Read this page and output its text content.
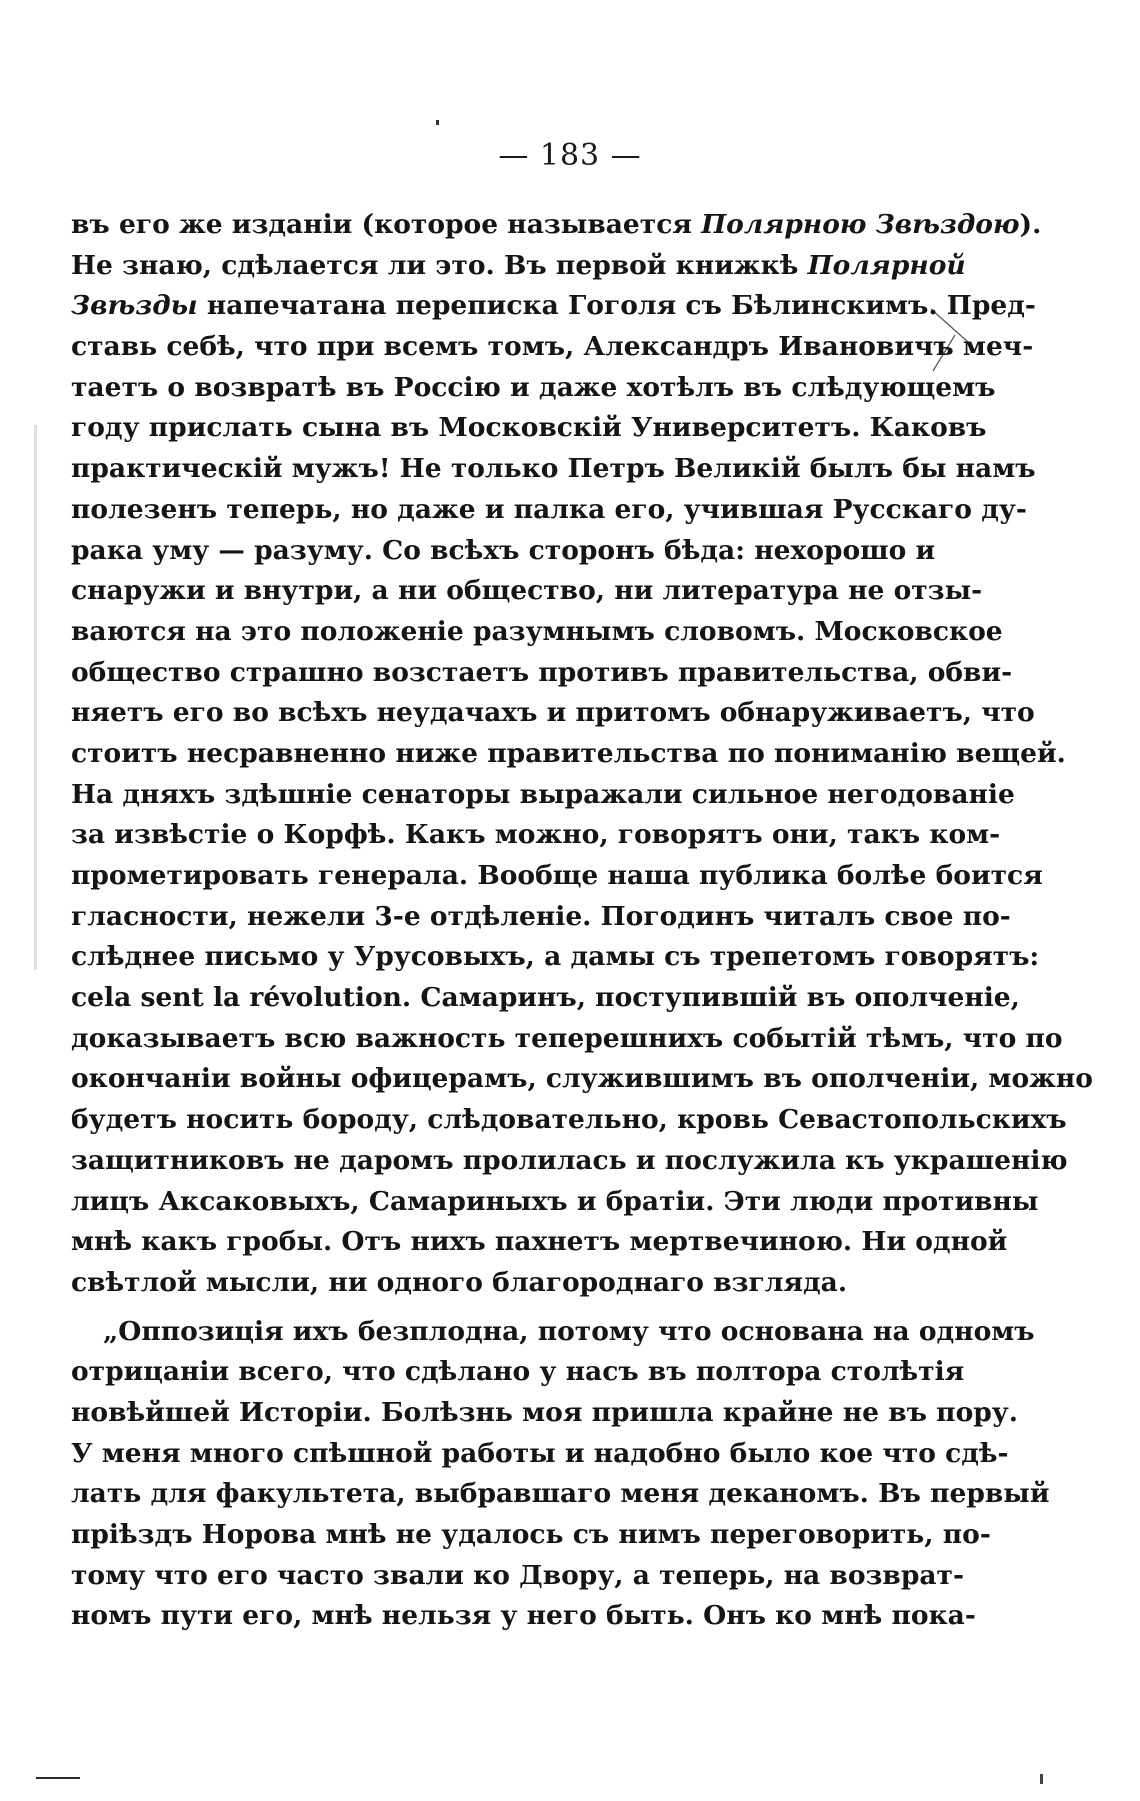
— 183 —
въ его же изданіи (которое называется Полярною Звѣздою).
Не знаю, сдѣлается ли это. Въ первой книжкѣ Полярной
Звѣзды напечатана переписка Гоголя съ Бѣлинскимъ. Пред-
ставь себѣ, что при всемъ томъ, Александръ Ивановичъ меч-
таетъ о возвратѣ въ Россію и даже хотѣлъ въ слѣдующемъ
году прислать сына въ Московскій Университетъ. Каковъ
практическій мужъ! Не только Петръ Великій былъ бы намъ
полезенъ теперь, но даже и палка его, учившая Русскаго ду-
рака уму — разуму. Со всѣхъ сторонъ бѣда: нехорошо и
снаружи и внутри, а ни общество, ни литература не отзы-
ваются на это положеніе разумнымъ словомъ. Московское
общество страшно возстаетъ противъ правительства, обви-
няетъ его во всѣхъ неудачахъ и притомъ обнаруживаетъ, что
стоитъ несравненно ниже правительства по пониманію вещей.
На дняхъ здѣшніе сенаторы выражали сильное негодованіе
за извѣстіе о Корфѣ. Какъ можно, говорятъ они, такъ ком-
прометировать генерала. Вообще наша публика болѣе боится
гласности, нежели 3-е отдѣленіе. Погодинъ читалъ свое по-
слѣднее письмо у Урусовыхъ, а дамы съ трепетомъ говорятъ:
cela sent la révolution. Самаринъ, поступившій въ ополченіе,
доказываетъ всю важность теперешнихъ событій тѣмъ, что по
окончаніи войны офицерамъ, служившимъ въ ополченіи, можно
будетъ носить бороду, слѣдовательно, кровь Севастопольскихъ
защитниковъ не даромъ пролилась и послужила къ украшенію
лицъ Аксаковыхъ, Самариныхъ и братіи. Эти люди противны
мнѣ какъ гробы. Отъ нихъ пахнетъ мертвечиною. Ни одной
свѣтлой мысли, ни одного благороднаго взгляда.
„Оппозиція ихъ безплодна, потому что основана на одномъ
отрицаніи всего, что сдѣлано у насъ въ полтора столѣтія
новѣйшей Исторіи. Болѣзнь моя пришла крайне не въ пору.
У меня много спѣшной работы и надобно было кое что сдѣ-
лать для факультета, выбравшаго меня деканомъ. Въ первый
пріѣздъ Норова мнѣ не удалось съ нимъ переговорить, по-
тому что его часто звали ко Двору, а теперь, на возврат-
номъ пути его, мнѣ нельзя у него быть. Онъ ко мнѣ пока-
